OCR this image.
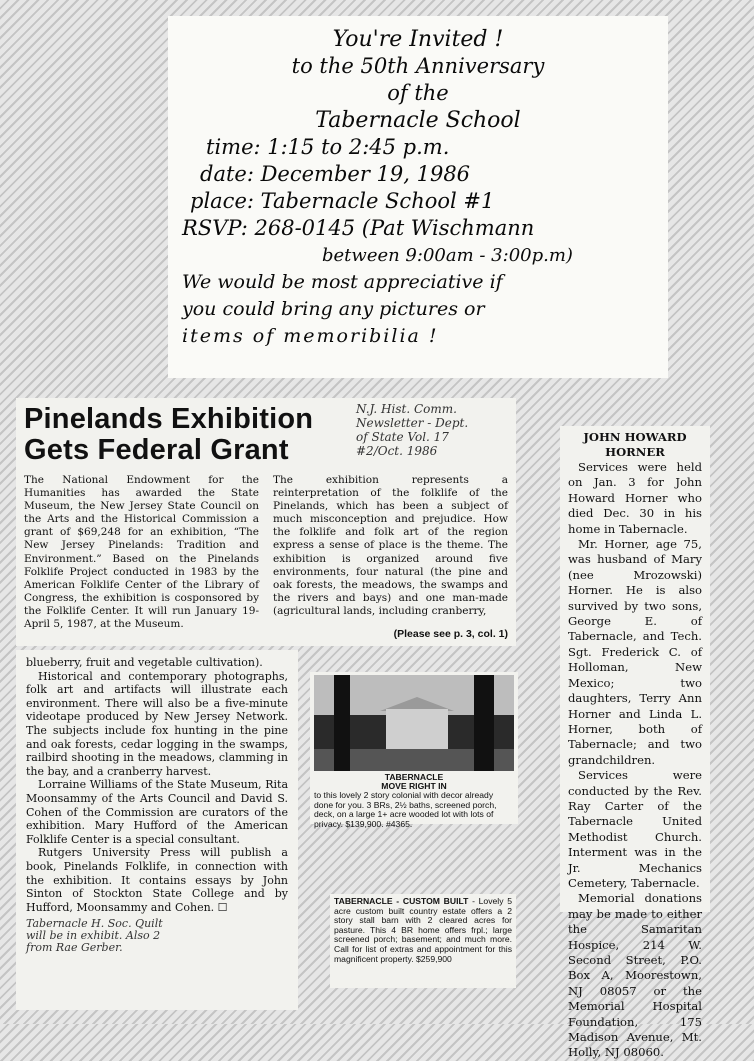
You're Invited !

to the 50th Anniversary

of the

Tabernacle School

time: 1:15 to 2:45 p.m.

date: December 19, 1986

place: Tabernacle School #1

RSVP: 268-0145 (Pat Wischmann

between 9:00am - 3:00p.m)

We would be most appreciative if

you could bring any pictures or

items of memoribilia !

Pinelands Exhibition Gets Federal Grant
N.J. Hist. Comm.
Newsletter - Dept.
of State Vol. 17
#2/Oct. 1986

The National Endowment for the Humanities has awarded the State Museum, the New Jersey State Council on the Arts and the Historical Commission a grant of $69,248 for an exhibition, “The New Jersey Pinelands: Tradition and Environment.” Based on the Pinelands Folklife Project conducted in 1983 by the American Folklife Center of the Library of Congress, the exhibition is cosponsored by the Folklife Center. It will run January 19-April 5, 1987, at the Museum.

The exhibition represents a reinterpretation of the folklife of the Pinelands, which has been a subject of much misconception and prejudice. How the folklife and folk art of the region express a sense of place is the theme. The exhibition is organized around five environments, four natural (the pine and oak forests, the meadows, the swamps and the rivers and bays) and one man-made (agricultural lands, including cranberry,

(Please see p. 3, col. 1)

blueberry, fruit and vegetable cultivation).

Historical and contemporary photographs, folk art and artifacts will illustrate each environment. There will also be a five-minute videotape produced by New Jersey Network. The subjects include fox hunting in the pine and oak forests, cedar logging in the swamps, railbird shooting in the meadows, clamming in the bay, and a cranberry harvest.

Lorraine Williams of the State Museum, Rita Moonsammy of the Arts Council and David S. Cohen of the Commission are curators of the exhibition. Mary Hufford of the American Folklife Center is a special consultant.

Rutgers University Press will publish a book, Pinelands Folklife, in connection with the exhibition. It contains essays by John Sinton of Stockton State College and by Hufford, Moonsammy and Cohen. ☐

Tabernacle H. Soc. Quilt
will be in exhibit. Also 2
from Rae Gerber.
JOHN HOWARD HORNER

Services were held on Jan. 3 for John Howard Horner who died Dec. 30 in his home in Tabernacle.

Mr. Horner, age 75, was husband of Mary (nee Mrozowski) Horner. He is also survived by two sons, George E. of Tabernacle, and Tech. Sgt. Frederick C. of Holloman, New Mexico; two daughters, Terry Ann Horner and Linda L. Horner, both of Tabernacle; and two grandchildren.

Services were conducted by the Rev. Ray Carter of the Tabernacle United Methodist Church. Interment was in the Jr. Mechanics Cemetery, Tabernacle.

Memorial donations may be made to either the Samaritan Hospice, 214 W. Second Street, P.O. Box A, Moorestown, NJ 08057 or the Memorial Hospital Foundation, 175 Madison Avenue, Mt. Holly, NJ 08060.

TABERNACLE
MOVE RIGHT IN

to this lovely 2 story colonial with decor already done for you. 3 BRs, 2½ baths, screened porch, deck, on a large 1+ acre wooded lot with lots of privacy. $139,900. #4365.

TABERNACLE - CUSTOM BUILT - Lovely 5 acre custom built country estate offers a 2 story stall barn with 2 cleared acres for pasture. This 4 BR home offers frpl.; large screened porch; basement; and much more. Call for list of extras and appointment for this magnificent property. $259,900
